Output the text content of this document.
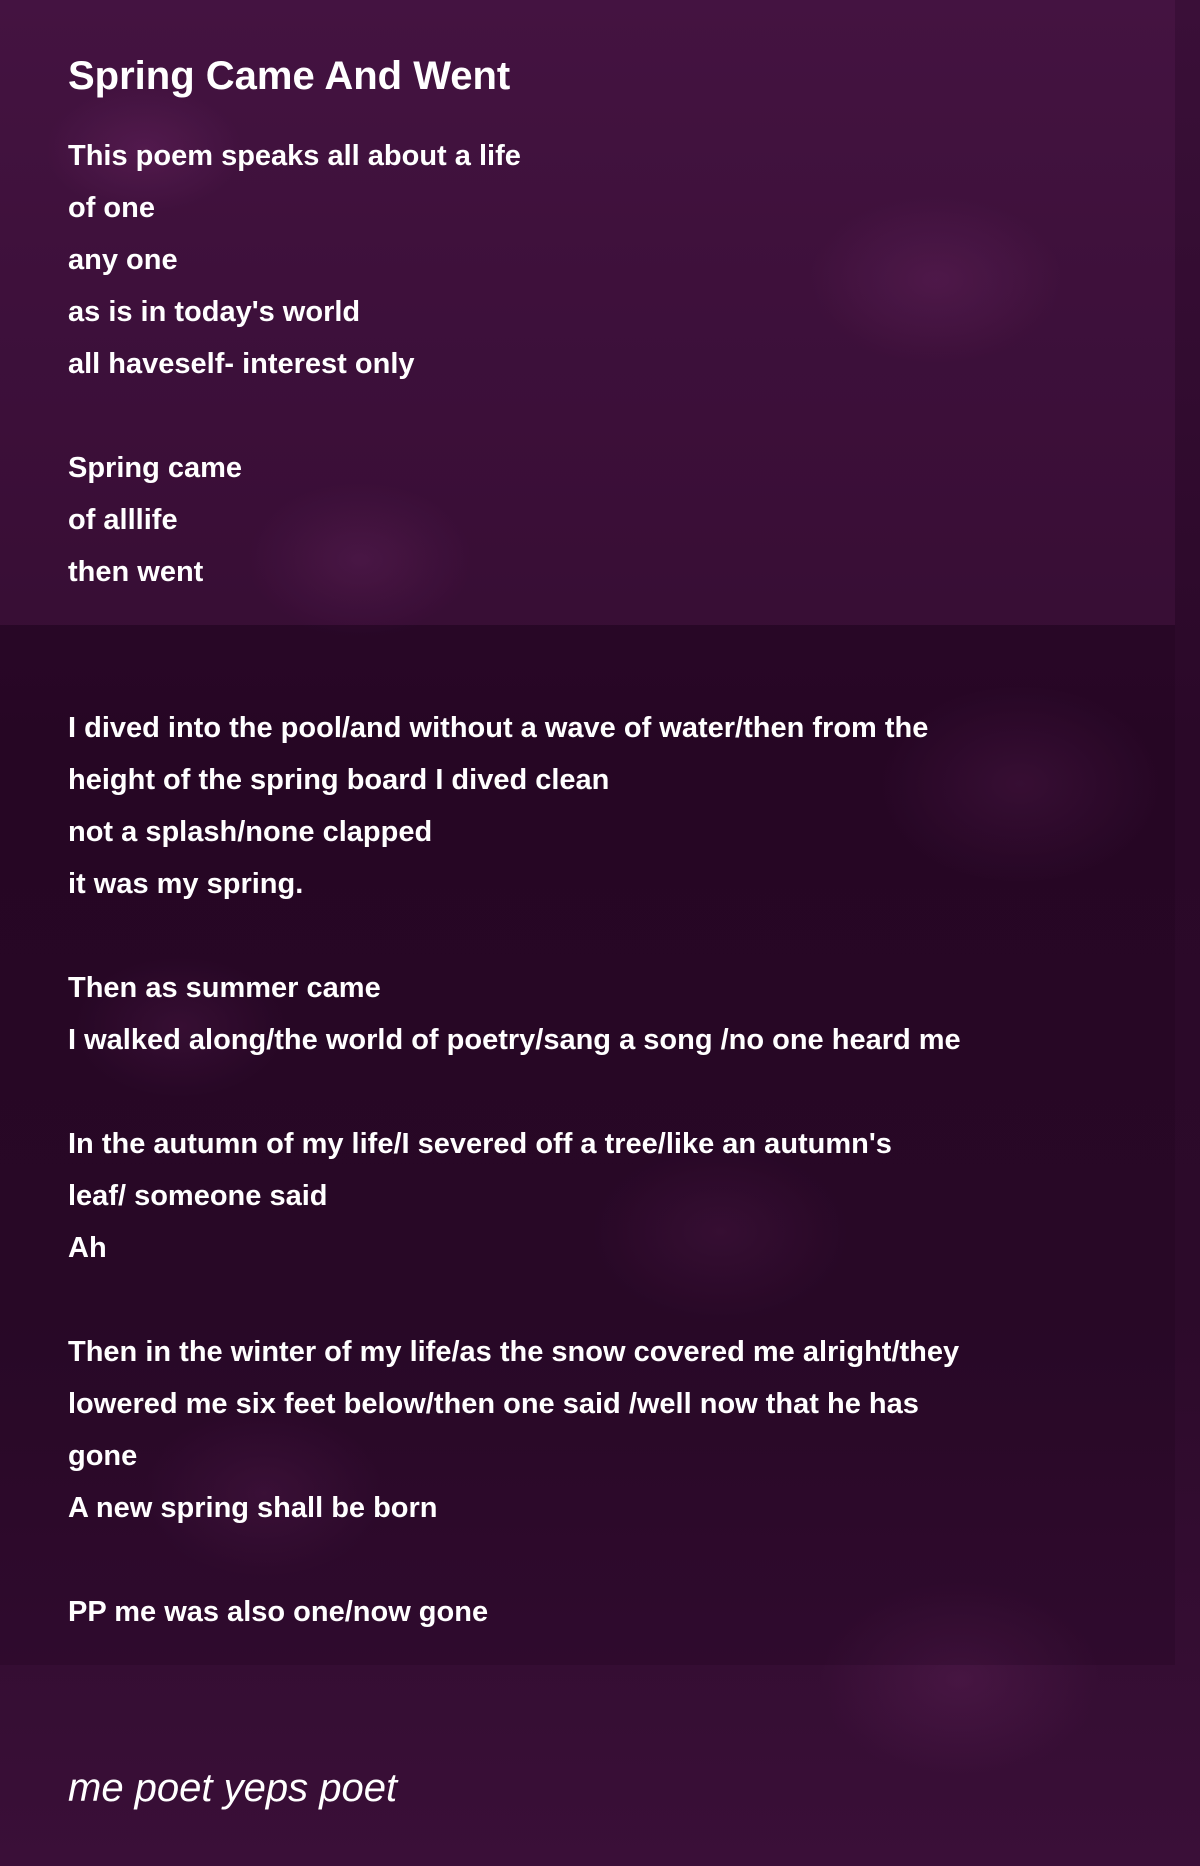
Spring Came And Went
This poem speaks all about a life
of one
any one
as is in today's world
all haveself- interest only
Spring came
of alllife
then went
I dived into the pool/and without a wave of water/then from the
height of the spring board I dived clean
not a splash/none clapped
it was my spring.
Then as summer came
I walked along/the world of poetry/sang a song /no one heard me
In the autumn of my life/I severed off a tree/like an autumn's
leaf/ someone said
Ah
Then in the winter of my life/as the snow covered me alright/they
lowered me six feet below/then one said /well now that he has
gone
A new spring shall be born
PP me was also one/now gone
me poet yeps poet
